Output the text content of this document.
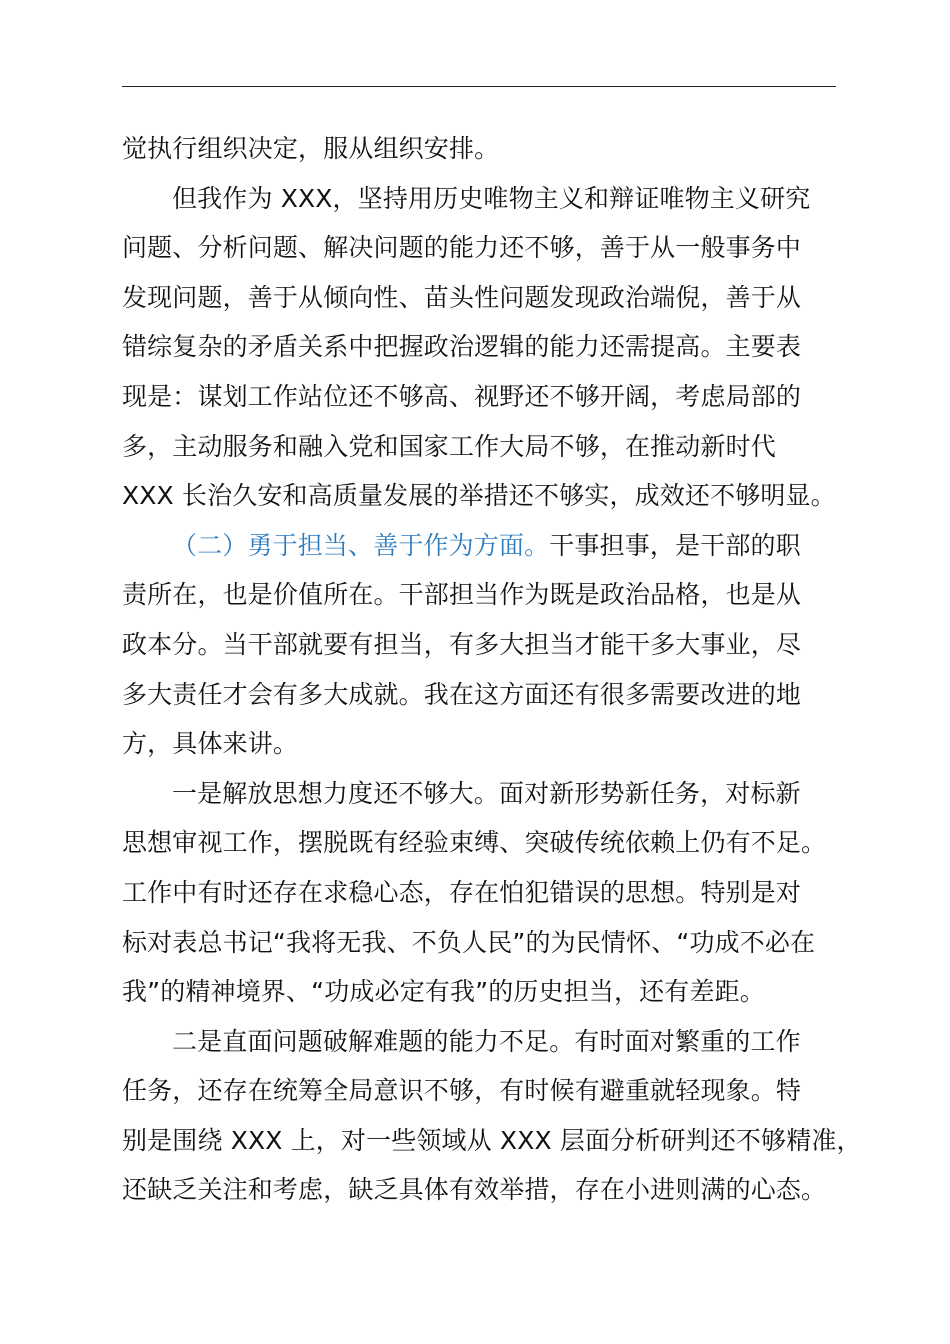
觉执行组织决定，服从组织安排。
但我作为 XXX，坚持用历史唯物主义和辩证唯物主义研究
问题、分析问题、解决问题的能力还不够，善于从一般事务中
发现问题，善于从倾向性、苗头性问题发现政治端倪，善于从
错综复杂的矛盾关系中把握政治逻辑的能力还需提高。主要表
现是：谋划工作站位还不够高、视野还不够开阔，考虑局部的
多，主动服务和融入党和国家工作大局不够，在推动新时代
XXX 长治久安和高质量发展的举措还不够实，成效还不够明显。
（二）勇于担当、善于作为方面。干事担事，是干部的职
责所在，也是价值所在。干部担当作为既是政治品格，也是从
政本分。当干部就要有担当，有多大担当才能干多大事业，尽
多大责任才会有多大成就。我在这方面还有很多需要改进的地
方，具体来讲。
一是解放思想力度还不够大。面对新形势新任务，对标新
思想审视工作，摆脱既有经验束缚、突破传统依赖上仍有不足。
工作中有时还存在求稳心态，存在怕犯错误的思想。特别是对
标对表总书记“我将无我、不负人民”的为民情怀、“功成不必在
我”的精神境界、“功成必定有我”的历史担当，还有差距。
二是直面问题破解难题的能力不足。有时面对繁重的工作
任务，还存在统筹全局意识不够，有时候有避重就轻现象。特
别是围绕 XXX 上，对一些领域从 XXX 层面分析研判还不够精准，
还缺乏关注和考虑，缺乏具体有效举措，存在小进则满的心态。
